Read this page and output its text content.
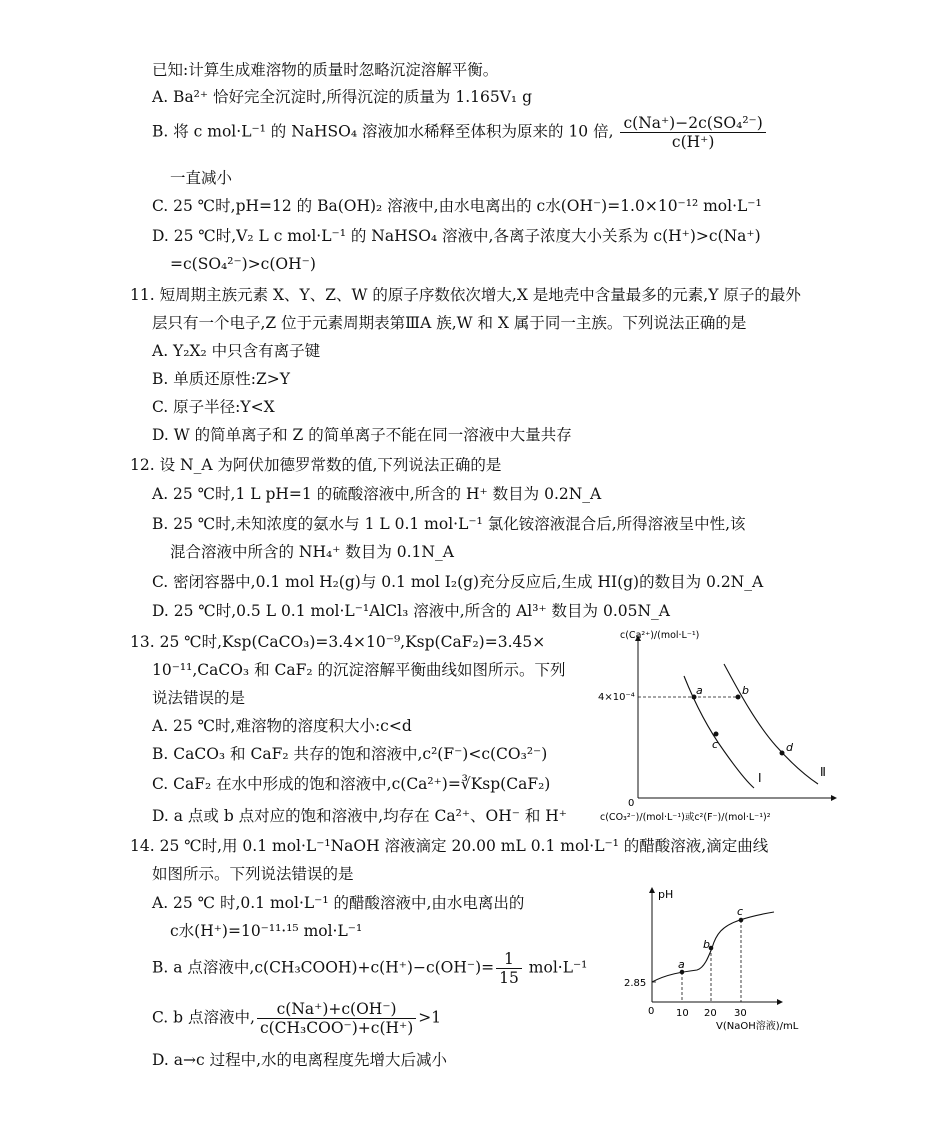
已知:计算生成难溶物的质量时忽略沉淀溶解平衡。
A. Ba²⁺ 恰好完全沉淀时,所得沉淀的质量为 1.165V₁ g
B. 将 c mol·L⁻¹ 的 NaHSO₄ 溶液加水稀释至体积为原来的 10 倍, $\frac{\text{c(Na⁺)−2c(SO₄²⁻)}}{c(H^+)}$
一直减小
C. 25 ℃时,pH=12 的 Ba(OH)₂ 溶液中,由水电离出的 c水(OH⁻)=1.0×10⁻¹² mol·L⁻¹
D. 25 ℃时,V₂ L c mol·L⁻¹ 的 NaHSO₄ 溶液中,各离子浓度大小关系为 c(H⁺)>c(Na⁺)
=c(SO₄²⁻)>c(OH⁻)
11. 短周期主族元素 X、Y、Z、W 的原子序数依次增大,X 是地壳中含量最多的元素,Y 原子的最外
层只有一个电子,Z 位于元素周期表第ⅢA 族,W 和 X 属于同一主族。下列说法正确的是
A. Y₂X₂ 中只含有离子键
B. 单质还原性:Z>Y
C. 原子半径:Y<X
D. W 的简单离子和 Z 的简单离子不能在同一溶液中大量共存
12. 设 N_A 为阿伏加德罗常数的值,下列说法正确的是
A. 25 ℃时,1 L pH=1 的硫酸溶液中,所含的 H⁺ 数目为 0.2N_A
B. 25 ℃时,未知浓度的氨水与 1 L 0.1 mol·L⁻¹ 氯化铵溶液混合后,所得溶液呈中性,该
混合溶液中所含的 NH₄⁺ 数目为 0.1N_A
C. 密闭容器中,0.1 mol H₂(g)与 0.1 mol I₂(g)充分反应后,生成 HI(g)的数目为 0.2N_A
D. 25 ℃时,0.5 L 0.1 mol·L⁻¹AlCl₃ 溶液中,所含的 Al³⁺ 数目为 0.05N_A
13. 25 ℃时,Ksp(CaCO₃)=3.4×10⁻⁹,Ksp(CaF₂)=3.45×
10⁻¹¹,CaCO₃ 和 CaF₂ 的沉淀溶解平衡曲线如图所示。下列
说法错误的是
A. 25 ℃时,难溶物的溶度积大小:c<d
B. CaCO₃ 和 CaF₂ 共存的饱和溶液中,c²(F⁻)<c(CO₃²⁻)
C. CaF₂ 在水中形成的饱和溶液中,c(Ca²⁺)=∛Ksp(CaF₂)
D. a 点或 b 点对应的饱和溶液中,均存在 Ca²⁺、OH⁻ 和 H⁺
c(Ca²⁺)/(mol·L⁻¹)
4×10⁻⁴
0
c(CO₃²⁻)/(mol·L⁻¹)或c²(F⁻)/(mol·L⁻¹)²
a	b
c	d
Ⅰ	Ⅱ
14. 25 ℃时,用 0.1 mol·L⁻¹NaOH 溶液滴定 20.00 mL 0.1 mol·L⁻¹ 的醋酸溶液,滴定曲线
如图所示。下列说法错误的是
A. 25 ℃ 时,0.1 mol·L⁻¹ 的醋酸溶液中,由水电离出的
c水(H⁺)=10⁻¹¹·¹⁵ mol·L⁻¹
B. a 点溶液中,c(CH₃COOH)+c(H⁺)−c(OH⁻)= $\frac{1}{15} mol\cdot L^{-1}$
C. b 点溶液中, $\frac{c(Na^+)+c(OH^-)}{\text{c(CH₃COO⁻)+c(H⁺)}} >1$
D. a→c 过程中,水的电离程度先增大后减小
pH
2.85
0 10 20 30
V(NaOH溶液)/mL
a
b
c
